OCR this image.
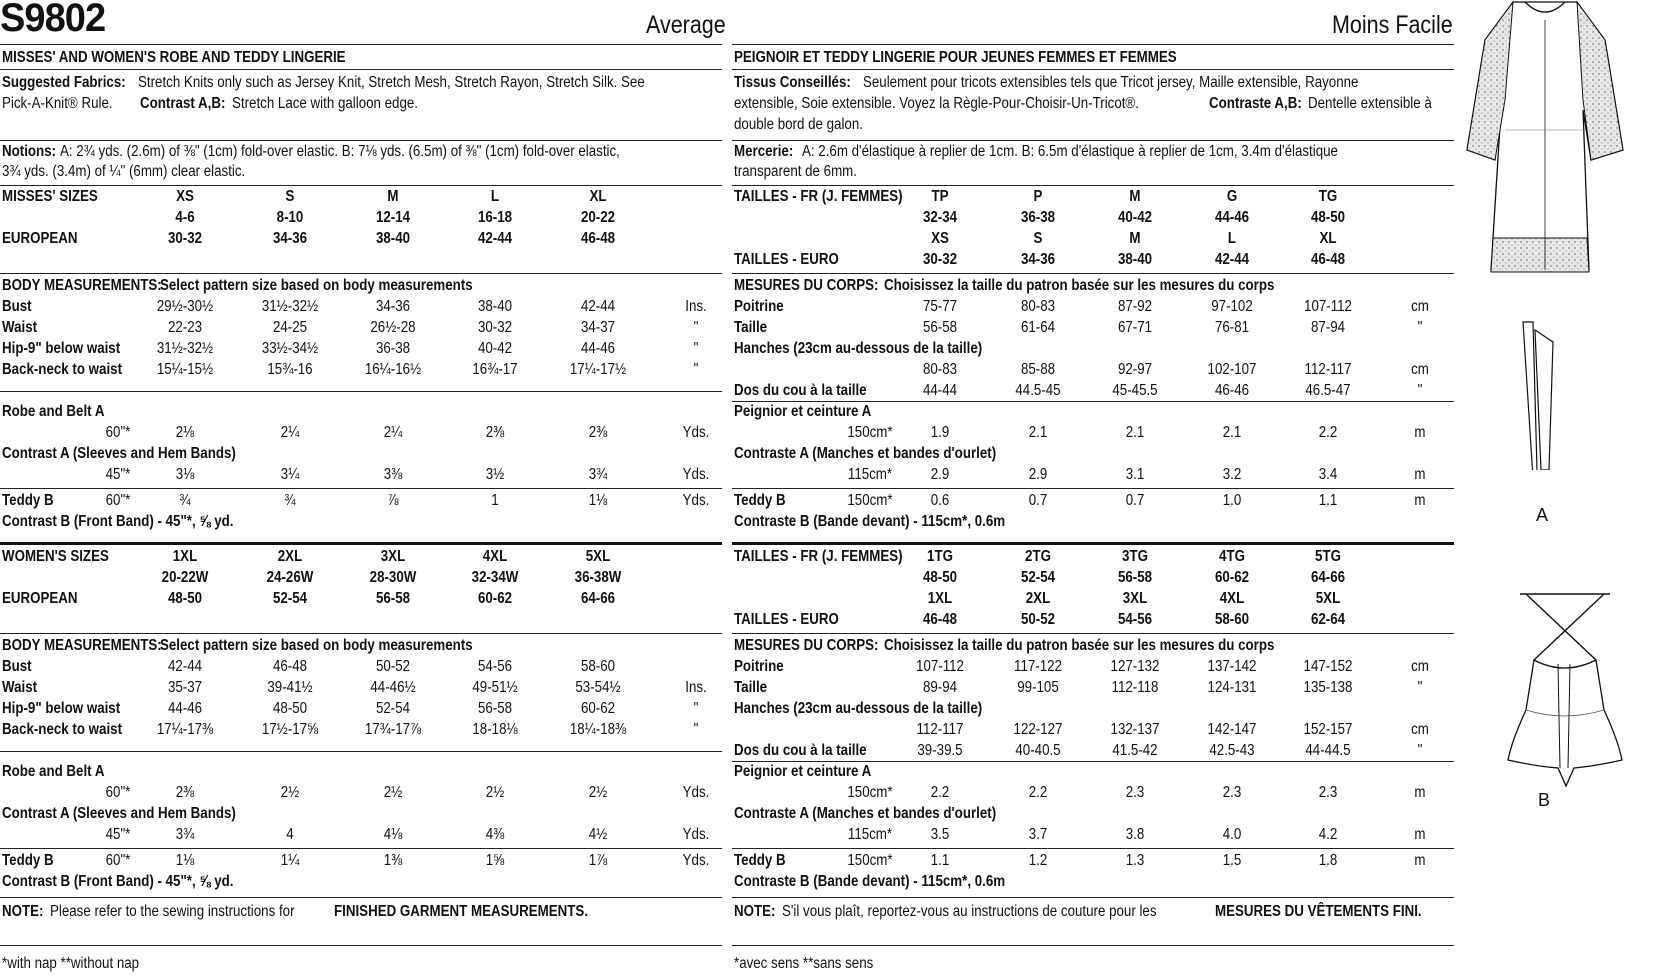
S9802	Average	Moins Facile
A
B
MISSES' AND WOMEN'S ROBE AND TEDDY LINGERIE
Suggested Fabrics: Stretch Knits only such as Jersey Knit, Stretch Mesh, Stretch Rayon, Stretch Silk. See
Pick-A-Knit® Rule. Contrast A,B: Stretch Lace with galloon edge.
Notions: A: 2¾ yds. (2.6m) of ⅜" (1cm) fold-over elastic. B: 7⅛ yds. (6.5m) of ⅜" (1cm) fold-over elastic,
3¾ yds. (3.4m) of ¼" (6mm) clear elastic.
MISSES' SIZES	XS	S	M	L	XL
4-6	8-10	12-14	16-18	20-22
EUROPEAN	30-32	34-36	38-40	42-44	46-48
BODY MEASUREMENTS:
Select pattern size based on body measurements
Bust	29½-30½	31½-32½	34-36	38-40	42-44	Ins.
Waist	22-23	24-25	26½-28	30-32	34-37	"
Hip-9" below waist	31½-32½	33½-34½	36-38	40-42	44-46	"
Back-neck to waist	15¼-15½	15¾-16	16¼-16½	16¾-17	17¼-17½	"
Robe and Belt A
60"*	2⅛	2¼	2¼	2⅜	2⅜	Yds.
Contrast A (Sleeves and Hem Bands)
45"*	3⅛	3¼	3⅜	3½	3¾	Yds.
Teddy B	60"*	¾	¾	⅞	1	1⅛	Yds.
Contrast B (Front Band) - 45"*, ⅝ yd.
WOMEN'S SIZES	1XL	2XL	3XL	4XL	5XL
20-22W	24-26W	28-30W	32-34W	36-38W
EUROPEAN	48-50	52-54	56-58	60-62	64-66
BODY MEASUREMENTS:
Select pattern size based on body measurements
Bust	42-44	46-48	50-52	54-56	58-60
Waist	35-37	39-41½	44-46½	49-51½	53-54½	Ins.
Hip-9" below waist	44-46	48-50	52-54	56-58	60-62	"
Back-neck to waist	17¼-17⅜	17½-17⅝	17¾-17⅞	18-18⅛	18¼-18⅜	"
Robe and Belt A
60"*	2⅜	2½	2½	2½	2½	Yds.
Contrast A (Sleeves and Hem Bands)
45"*	3¾	4	4⅛	4⅜	4½	Yds.
Teddy B	60"*	1⅛	1¼	1⅜	1⅝	1⅞	Yds.
Contrast B (Front Band) - 45"*, ⅝ yd.
NOTE: Please refer to the sewing instructions for	FINISHED GARMENT MEASUREMENTS.
*with nap **without nap
PEIGNOIR ET TEDDY LINGERIE POUR JEUNES FEMMES ET FEMMES
Tissus Conseillés: Seulement pour tricots extensibles tels que Tricot jersey, Maille extensible, Rayonne
extensible, Soie extensible. Voyez la Règle-Pour-Choisir-Un-Tricot®.	Contraste A,B: Dentelle extensible à
double bord de galon.
Mercerie: A: 2.6m d'élastique à replier de 1cm. B: 6.5m d'élastique à replier de 1cm, 3.4m d'élastique
transparent de 6mm.
TAILLES - FR (J. FEMMES)	TP	P	M	G	TG
32-34	36-38	40-42	44-46	48-50
XS	S	M	L	XL
TAILLES - EURO	30-32	34-36	38-40	42-44	46-48
MESURES DU CORPS: Choisissez la taille du patron basée sur les mesures du corps
Poitrine	75-77	80-83	87-92	97-102	107-112	cm
Taille	56-58	61-64	67-71	76-81	87-94	"
Hanches (23cm au-dessous de la taille)
80-83	85-88	92-97	102-107	112-117	cm
Dos du cou à la taille	44-44	44.5-45	45-45.5	46-46	46.5-47	"
Peignior et ceinture A
150cm*	1.9	2.1	2.1	2.1	2.2	m
Contraste A (Manches et bandes d'ourlet)
115cm*	2.9	2.9	3.1	3.2	3.4	m
Teddy B	150cm*	0.6	0.7	0.7	1.0	1.1	m
Contraste B (Bande devant) - 115cm*, 0.6m
TAILLES - FR (J. FEMMES)	1TG	2TG	3TG	4TG	5TG
48-50	52-54	56-58	60-62	64-66
1XL	2XL	3XL	4XL	5XL
TAILLES - EURO	46-48	50-52	54-56	58-60	62-64
MESURES DU CORPS: Choisissez la taille du patron basée sur les mesures du corps
Poitrine	107-112	117-122	127-132	137-142	147-152	cm
Taille	89-94	99-105	112-118	124-131	135-138	"
Hanches (23cm au-dessous de la taille)
112-117	122-127	132-137	142-147	152-157	cm
Dos du cou à la taille	39-39.5	40-40.5	41.5-42	42.5-43	44-44.5	"
Peignior et ceinture A
150cm*	2.2	2.2	2.3	2.3	2.3	m
Contraste A (Manches et bandes d'ourlet)
115cm*	3.5	3.7	3.8	4.0	4.2	m
Teddy B	150cm*	1.1	1.2	1.3	1.5	1.8	m
Contraste B (Bande devant) - 115cm*, 0.6m
NOTE: S'il vous plaît, reportez-vous au instructions de couture pour les	MESURES DU VÊTEMENTS FINI.
*avec sens **sans sens
